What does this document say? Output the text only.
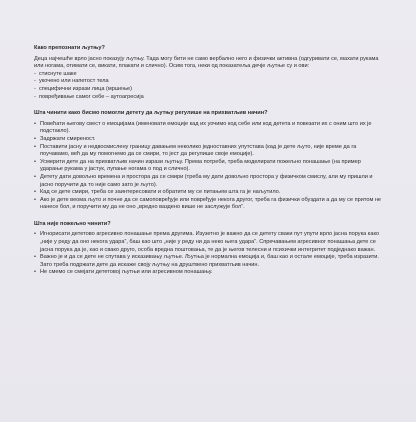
Како препознати љутњу?

Деца најчешће врло јасно показују љутњу. Тада могу бити не само вербално него и физички активна (одгуривати се, махати рукама или ногама, отимати се, викати, плакати и слично). Осим тога, неки од показатеља дечје љутње су и ови:

- стиснуте шаке
- укочено или напетост тела
- специфични изрази лица (мршење)
- повређивање самог себе – аутоагресија

Шта чинити како бисмо помогли детету да љутњу регулише на прихватљив начин?

• Повећати његову свест о емоцијама (именовати емоције кад их уочимо код себе или код детета и повезати их с оним што их је подстакло).
• Задржати смиреност.
• Поставити јасну и недвосмислену границу давањем неколико једноставних упутстава (кад је дете љуто, није време да га поучавамо, већ да му помогнемо да се смири, то јест да регулише своје емоције).
• Усмерити дете да на прихватљив начин изрази љутњу. Према потреби, треба моделирати пожељно понашање (на пример ударање рукама у јастук, лупање ногама о под и слично).
• Детету дати довољно времена и простора да се смири (треба му дати довољно простора у физичком смислу, али му пришли и јасно поручити да то није само зато је љуто).
• Кад се дете смири, треба се заинтересовати и обратити му се питањем шта га је наљутило.
• Ако је дете веома љуто и почне да се самоповређује или повређује некога другог, треба га физички обуздати а да му се притом не нанесе бол, и поручити му да не оно „вредно ваздено више не заслужује бол“.

Шта није пожељно чинити?

• Игнорисати дететово агресивно понашање према другима. Изузетно је важно да се детету сваки пут упути врло јасна порука како „није у реду да оно некога удара“, баш као што „није у реду ни да неко њега удара“. Спречавањем агресивног понашања дете се јасна порука да је, као и свако друго, особа вредна поштовања, те да је његов телесни и психички интегритет подједнако важан.
• Важно је и да се дете не спутава у исказивању љутње. Љутња је нормална емоција и, баш као и остале емоције, треба изразити. Зато треба подржати дете да искаже своју љутњу на друштвено прихватљив начин.
• Не смемо се смејати дететовој љутњи или агресивном понашању.
